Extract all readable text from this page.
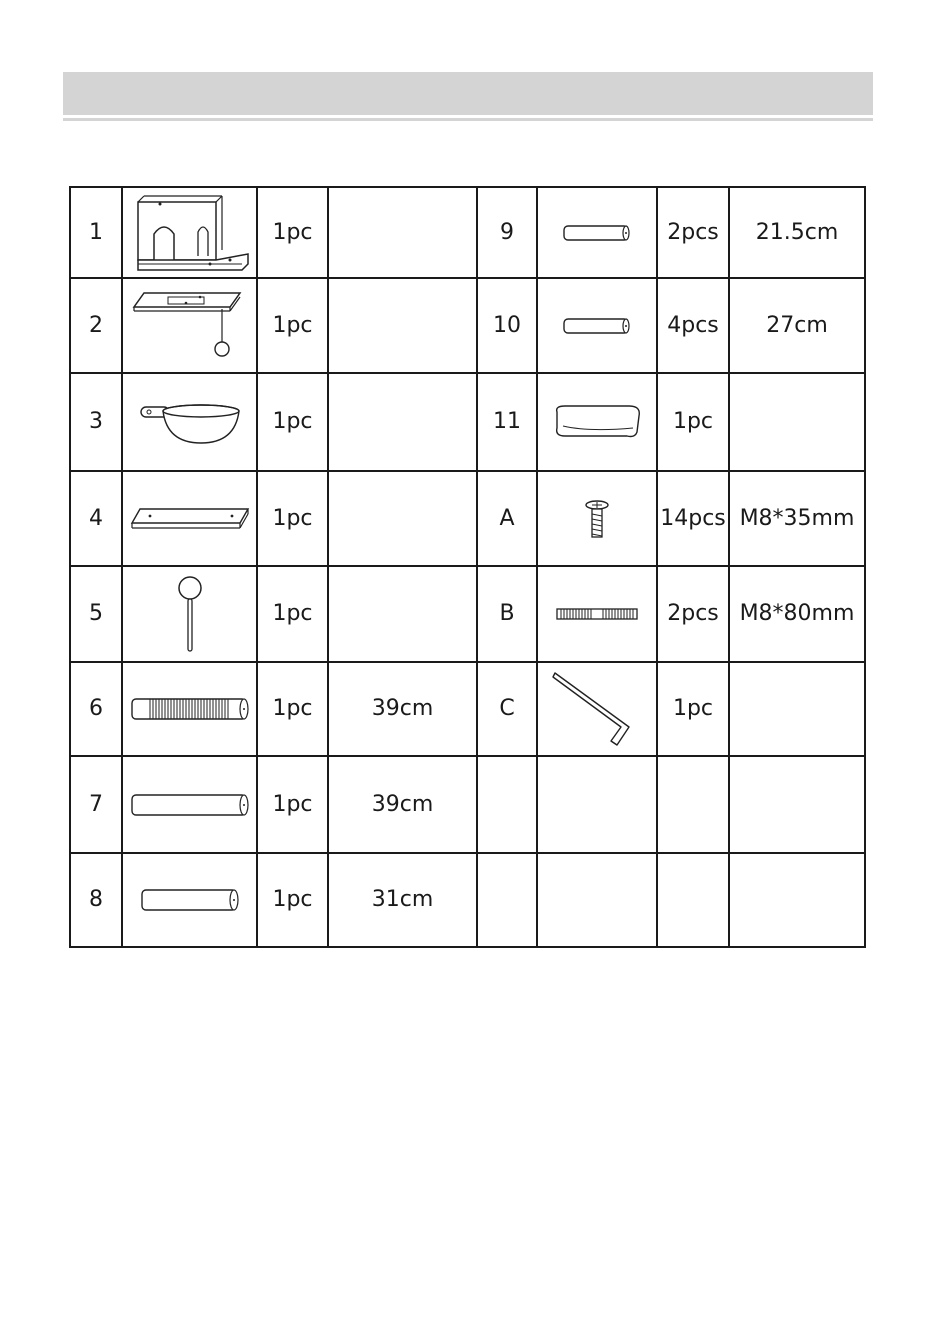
1		1pc		9		2pcs	21.5cm
2		1pc		10		4pcs	27cm
3		1pc		11		1pc	
4		1pc		A		14pcs	M8*35mm
5		1pc		B		2pcs	M8*80mm
6		1pc	39cm	C		1pc	
7		1pc	39cm				
8		1pc	31cm				
